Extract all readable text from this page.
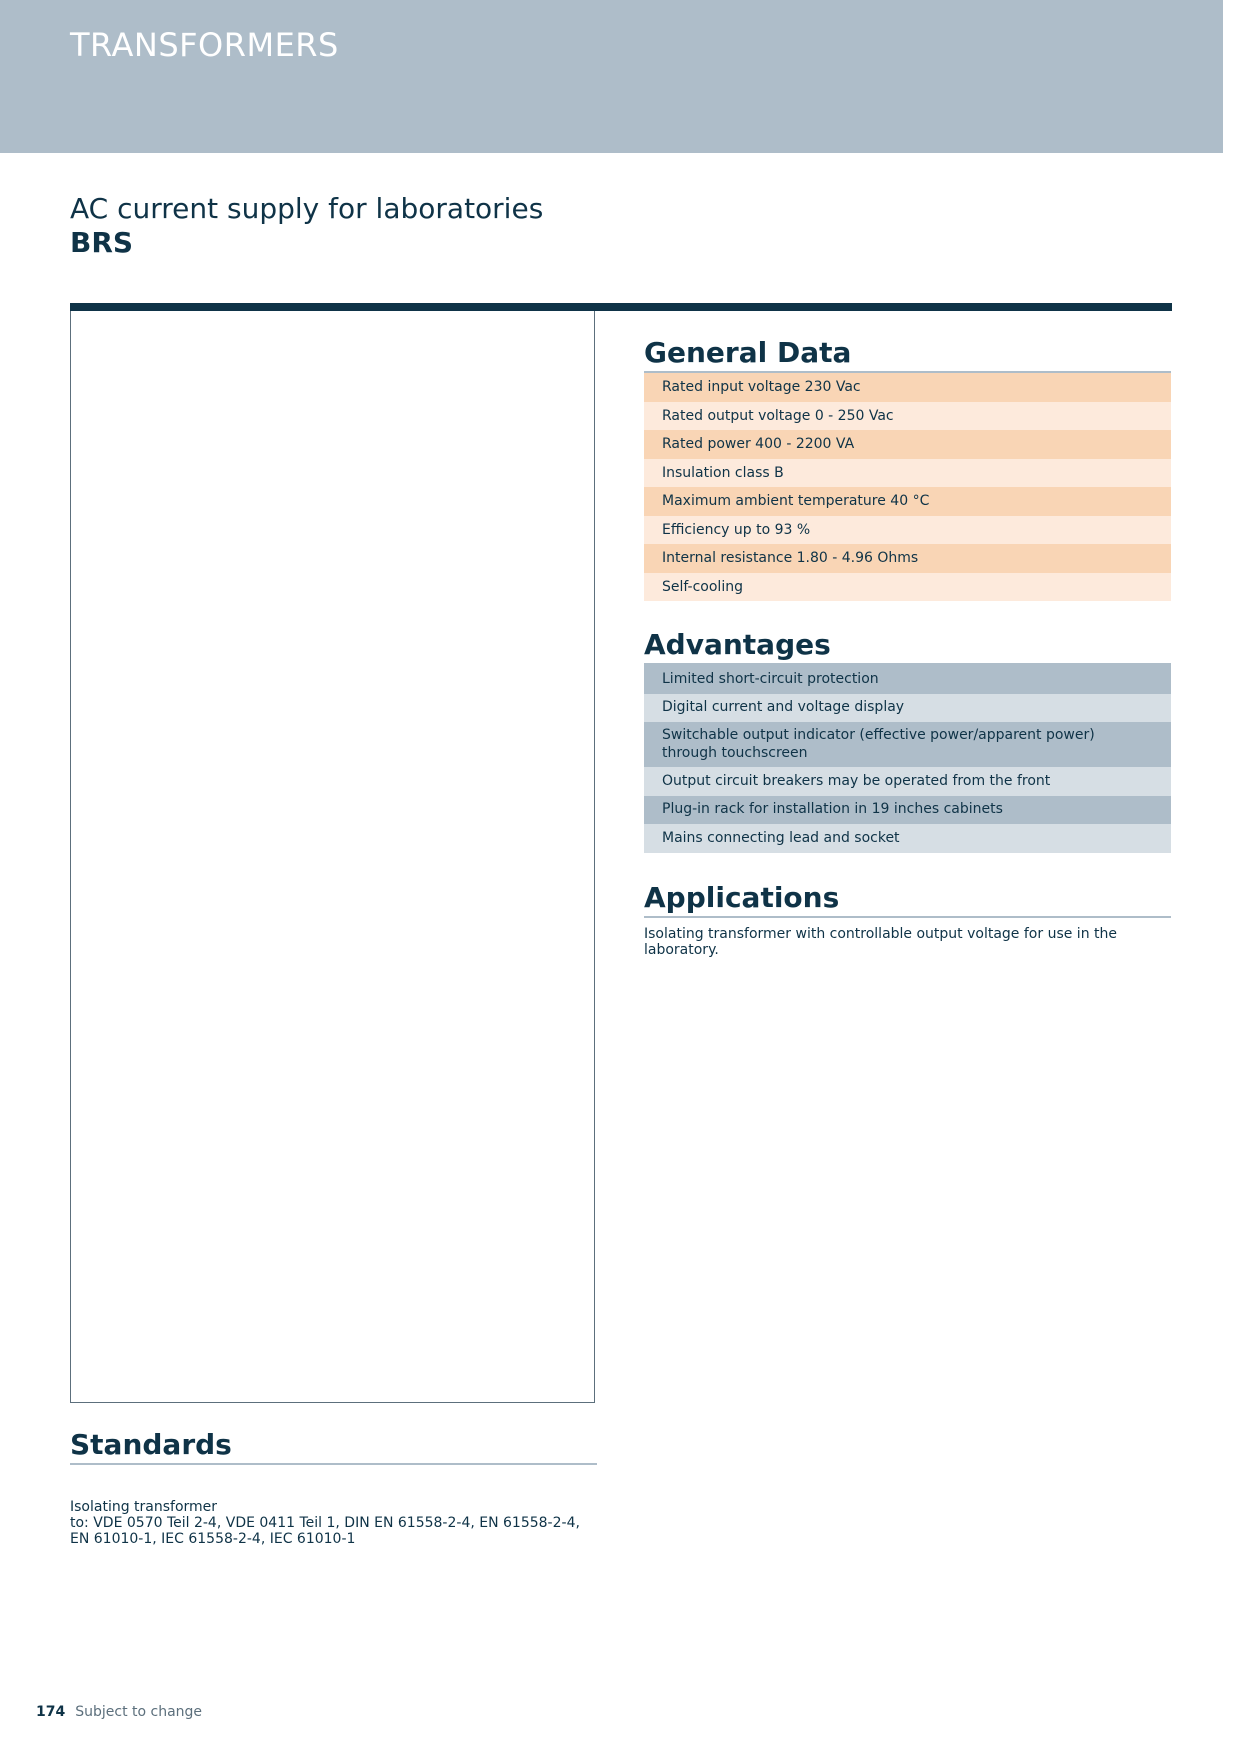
TRANSFORMERS
AC current supply for laboratories
BRS
General Data
Rated input voltage 230 Vac
Rated output voltage 0 - 250 Vac
Rated power 400 - 2200 VA
Insulation class B
Maximum ambient temperature 40 °C
Efficiency up to 93 %
Internal resistance 1.80 - 4.96 Ohms
Self-cooling
Advantages
Limited short-circuit protection
Digital current and voltage display
Switchable output indicator (effective power/apparent power) through touchscreen
Output circuit breakers may be operated from the front
Plug-in rack for installation in 19 inches cabinets
Mains connecting lead and socket
Applications
Isolating transformer with controllable output voltage for use in the laboratory.
Standards
Isolating transformer
to: VDE 0570 Teil 2-4, VDE 0411 Teil 1, DIN EN 61558-2-4, EN 61558-2-4,
EN 61010-1, IEC 61558-2-4, IEC 61010-1
174 Subject to change
